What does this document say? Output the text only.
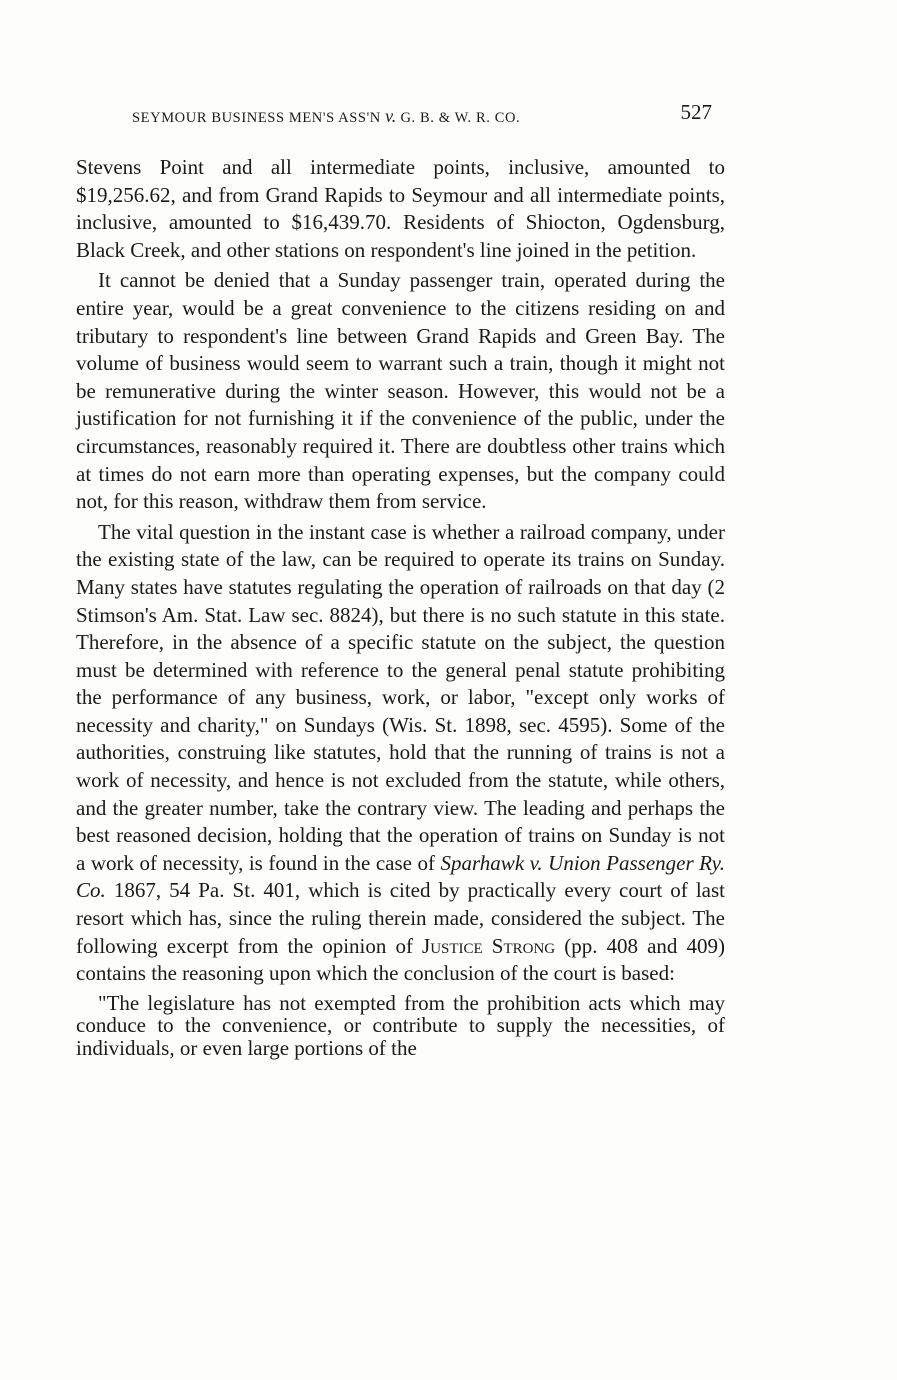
SEYMOUR BUSINESS MEN'S ASS'N v. G. B. & W. R. CO.	527

Stevens Point and all intermediate points, inclusive, amounted to $19,256.62, and from Grand Rapids to Seymour and all intermediate points, inclusive, amounted to $16,439.70. Residents of Shiocton, Ogdensburg, Black Creek, and other stations on respondent's line joined in the petition.

It cannot be denied that a Sunday passenger train, operated during the entire year, would be a great convenience to the citizens residing on and tributary to respondent's line between Grand Rapids and Green Bay. The volume of business would seem to warrant such a train, though it might not be remunerative during the winter season. However, this would not be a justification for not furnishing it if the convenience of the public, under the circumstances, reasonably required it. There are doubtless other trains which at times do not earn more than operating expenses, but the company could not, for this reason, withdraw them from service.

The vital question in the instant case is whether a railroad company, under the existing state of the law, can be required to operate its trains on Sunday. Many states have statutes regulating the operation of railroads on that day (2 Stimson's Am. Stat. Law sec. 8824), but there is no such statute in this state. Therefore, in the absence of a specific statute on the subject, the question must be determined with reference to the general penal statute prohibiting the performance of any business, work, or labor, "except only works of necessity and charity," on Sundays (Wis. St. 1898, sec. 4595). Some of the authorities, construing like statutes, hold that the running of trains is not a work of necessity, and hence is not excluded from the statute, while others, and the greater number, take the contrary view. The leading and perhaps the best reasoned decision, holding that the operation of trains on Sunday is not a work of necessity, is found in the case of Sparhawk v. Union Passenger Ry. Co. 1867, 54 Pa. St. 401, which is cited by practically every court of last resort which has, since the ruling therein made, considered the subject. The following excerpt from the opinion of Justice Strong (pp. 408 and 409) contains the reasoning upon which the conclusion of the court is based:

"The legislature has not exempted from the prohibition acts which may conduce to the convenience, or contribute to supply the necessities, of individuals, or even large portions of the
